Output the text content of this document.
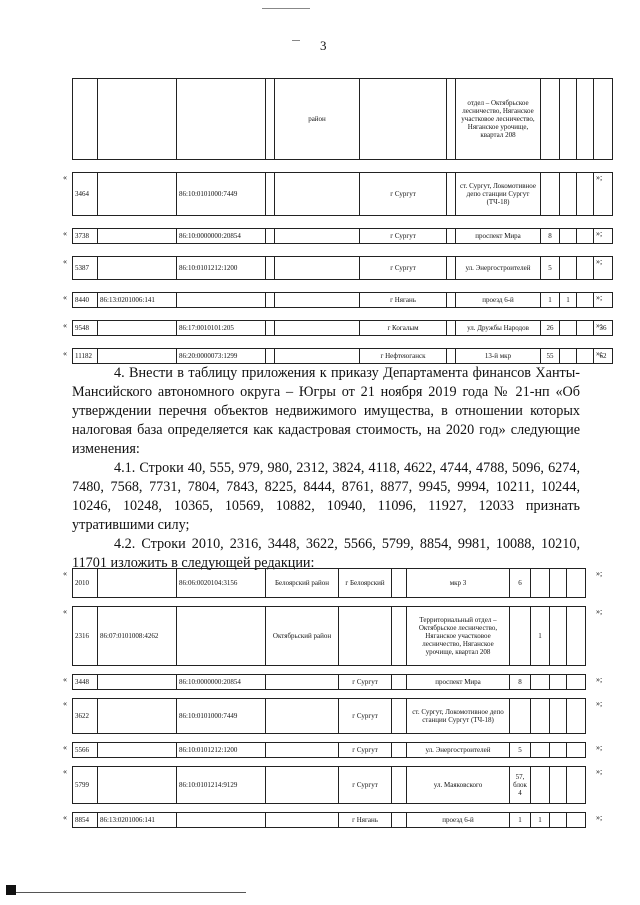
3
				район			отдел – Октябрьское лесничество, Няганское участковое лесничество, Няганское урочище, квартал 208				
3464		86:10:0101000:7449			г Сургут		ст. Сургут, Локомотивное депо станции Сургут (ТЧ-18)				
«	»;
3738		86:10:0000000:20854			г Сургут		проспект Мира	8			
«	»;
5387		86:10:0101212:1200			г Сургут		ул. Энергостроителей	5			
«	»;
8440	86:13:0201006:141				г Нягань		проезд 6-й	1	1		
«	»;
9548		86:17:0010101:205			г Когалым		ул. Дружбы Народов	26			36
«	»;
11182		86:20:0000073:1299			г Нефтеюганск		13-й мкр	55			62
«	»;

4. Внести в таблицу приложения к приказу Департамента финансов Ханты-Мансийского автономного округа – Югры от 21 ноября 2019 года № 21-нп «Об утверждении перечня объектов недвижимого имущества, в отношении которых налоговая база определяется как кадастровая стоимость, на 2020 год» следующие изменения:

4.1. Строки 40, 555, 979, 980, 2312, 3824, 4118, 4622, 4744, 4788, 5096, 6274, 7480, 7568, 7731, 7804, 7843, 8225, 8444, 8761, 8877, 9945, 9994, 10211, 10244, 10246, 10248, 10365, 10569, 10882, 10940, 11096, 11927, 12033 признать утратившими силу;

4.2. Строки 2010, 2316, 3448, 3622, 5566, 5799, 8854, 9981, 10088, 10210, 11701 изложить в следующей редакции:

2010		86:06:0020104:3156	Белоярский район	г Белоярский		мкр 3	6			
«	»;
2316	86:07:0101008:4262		Октябрьский район			Территориальный отдел – Октябрьское лесничество, Няганское участковое лесничество, Няганское урочище, квартал 208		1		
«	»;
3448		86:10:0000000:20854		г Сургут		проспект Мира	8			
«	»;
3622		86:10:0101000:7449		г Сургут		ст. Сургут, Локомотивное депо станции Сургут (ТЧ-18)				
«	»;
5566		86:10:0101212:1200		г Сургут		ул. Энергостроителей	5			
«	»;
5799		86:10:0101214:9129		г Сургут		ул. Маяковского	57, блок 4			
«	»;
8854	86:13:0201006:141			г Нягань		проезд 6-й	1	1		
«	»;
